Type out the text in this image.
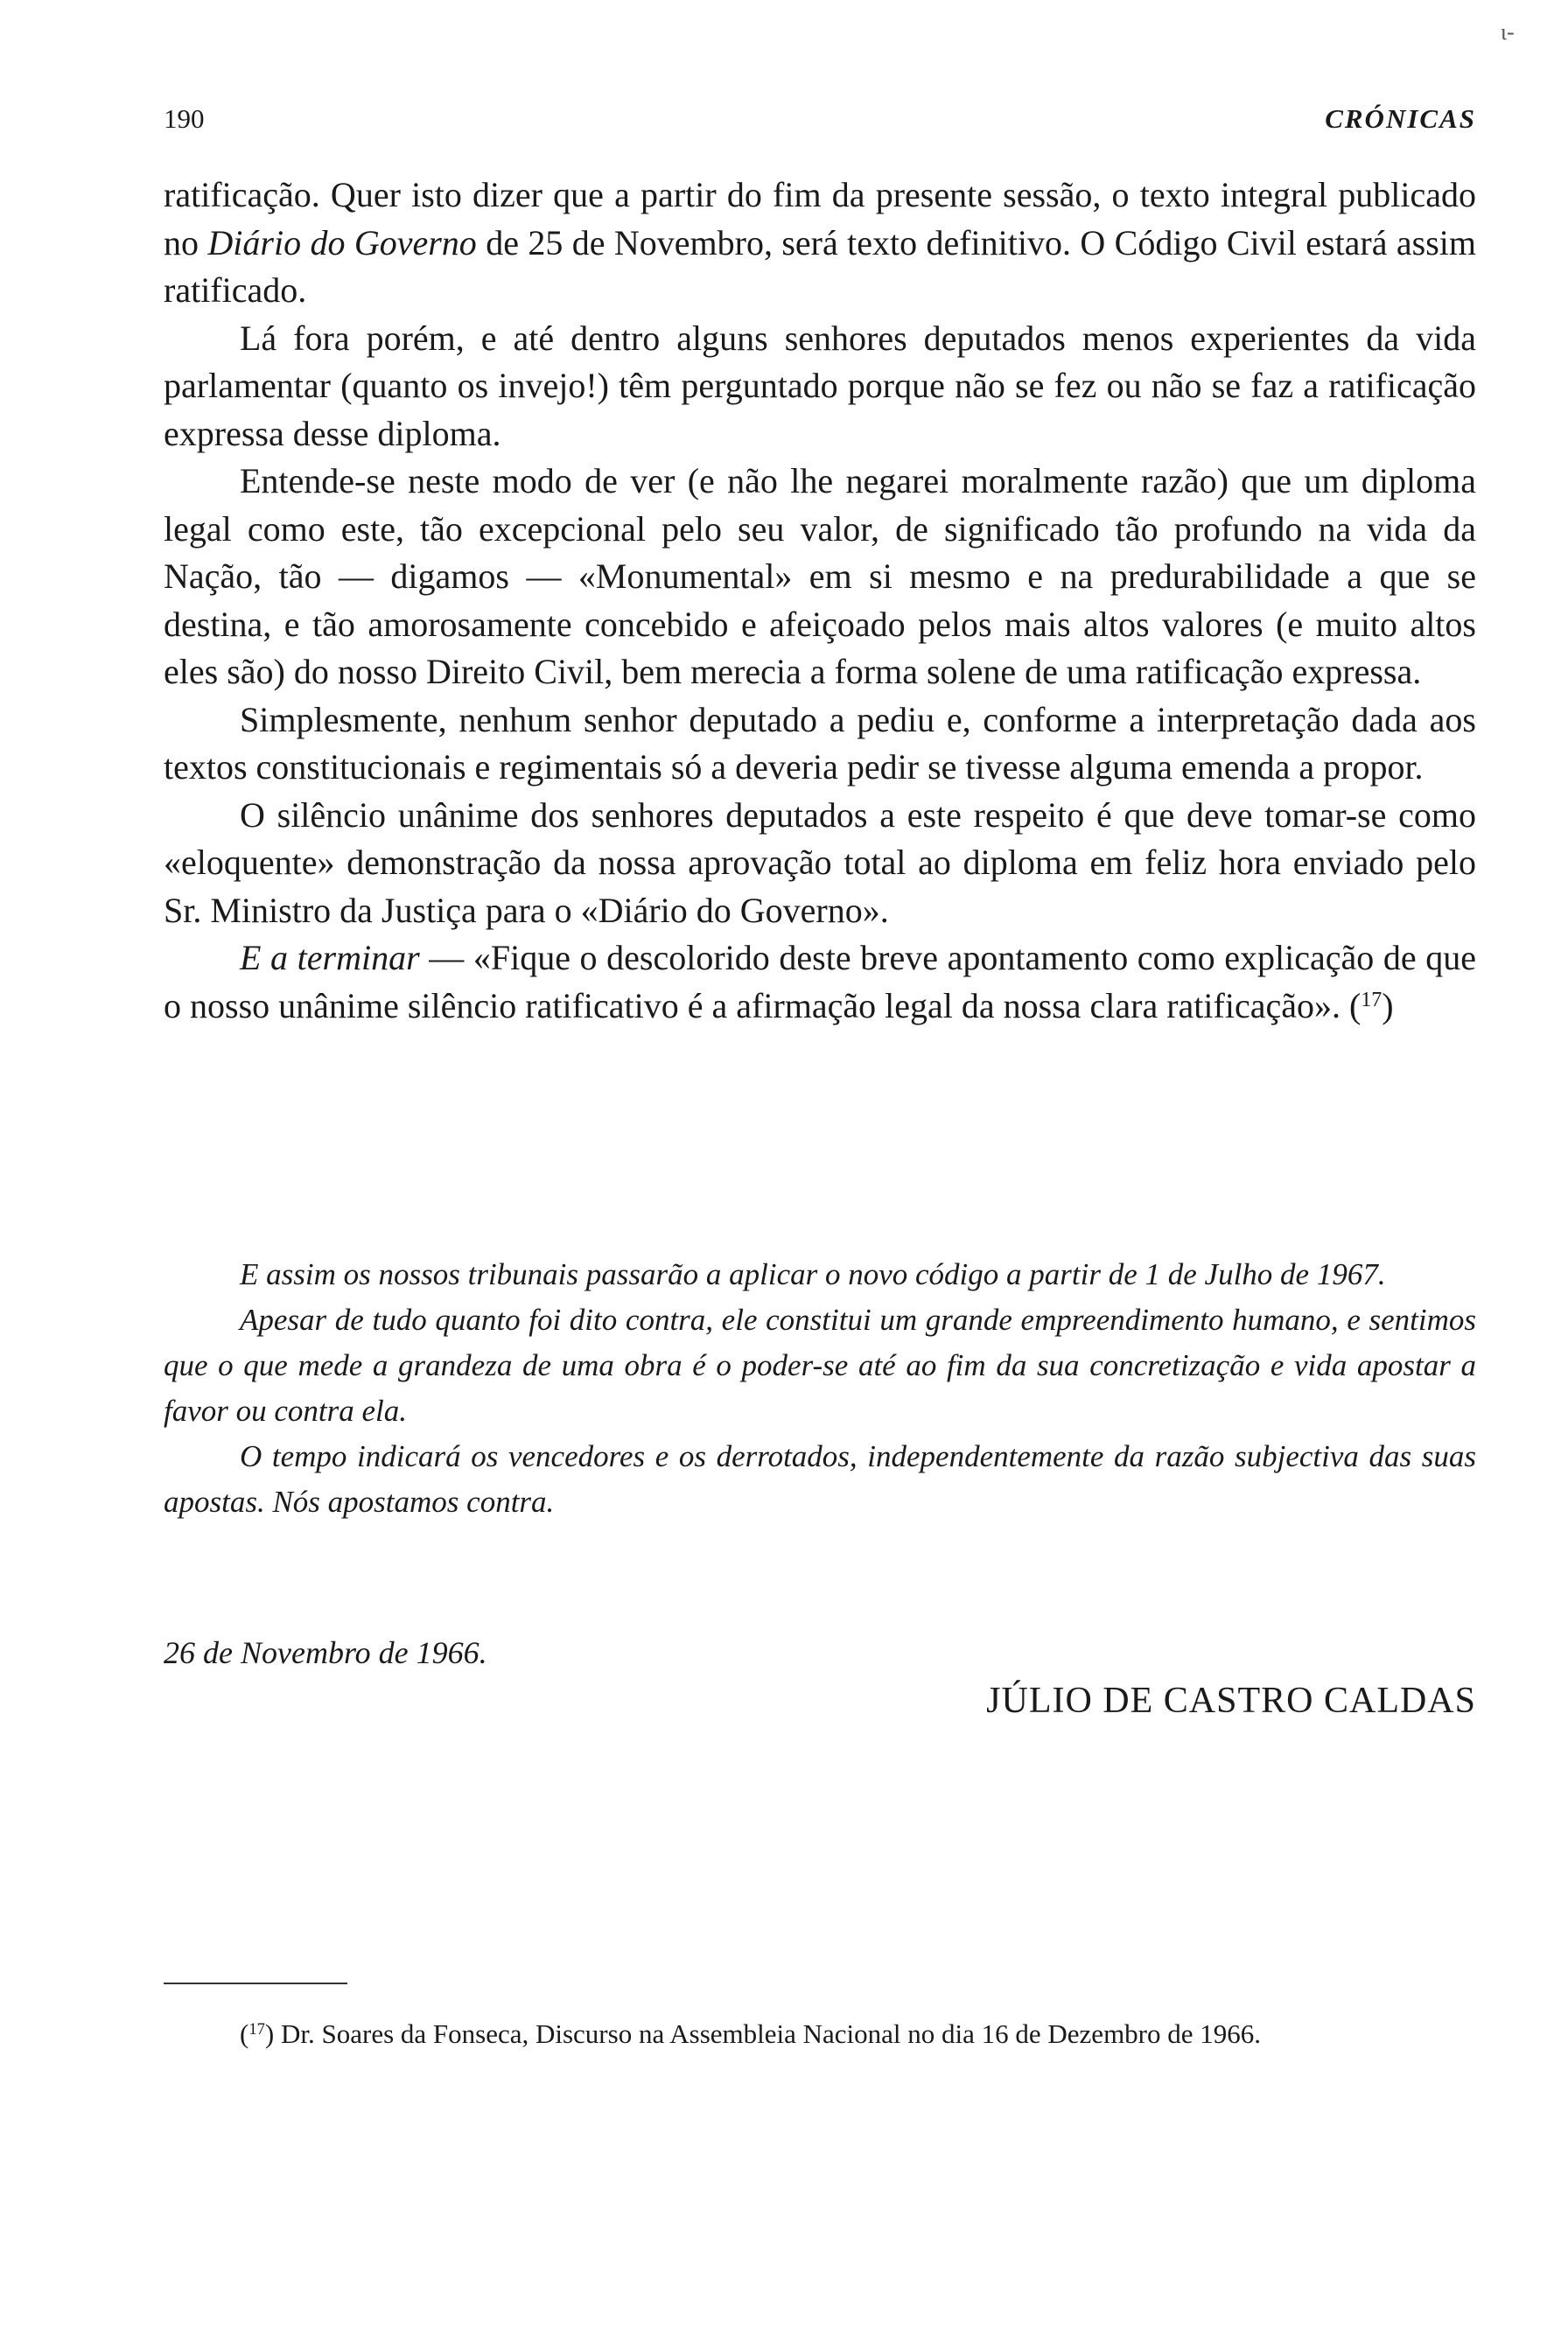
ι-
190	CRÓNICAS

ratificação. Quer isto dizer que a partir do fim da presente sessão, o texto integral publicado no Diário do Governo de 25 de Novembro, será texto definitivo. O Código Civil estará assim ratificado.

Lá fora porém, e até dentro alguns senhores deputados menos experientes da vida parlamentar (quanto os invejo!) têm perguntado porque não se fez ou não se faz a ratificação expressa desse diploma.

Entende-se neste modo de ver (e não lhe negarei moralmente razão) que um diploma legal como este, tão excepcional pelo seu valor, de significado tão profundo na vida da Nação, tão — digamos — «Monumental» em si mesmo e na predurabilidade a que se destina, e tão amorosamente concebido e afeiçoado pelos mais altos valores (e muito altos eles são) do nosso Direito Civil, bem merecia a forma solene de uma ratificação expressa.

Simplesmente, nenhum senhor deputado a pediu e, conforme a interpretação dada aos textos constitucionais e regimentais só a deveria pedir se tivesse alguma emenda a propor.

O silêncio unânime dos senhores deputados a este respeito é que deve tomar-se como «eloquente» demonstração da nossa aprovação total ao diploma em feliz hora enviado pelo Sr. Ministro da Justiça para o «Diário do Governo».

E a terminar — «Fique o descolorido deste breve apontamento como explicação de que o nosso unânime silêncio ratificativo é a afirmação legal da nossa clara ratificação». ($^{17}$)

E assim os nossos tribunais passarão a aplicar o novo código a partir de 1 de Julho de 1967.

Apesar de tudo quanto foi dito contra, ele constitui um grande empreendimento humano, e sentimos que o que mede a grandeza de uma obra é o poder-se até ao fim da sua concretização e vida apostar a favor ou contra ela.

O tempo indicará os vencedores e os derrotados, independentemente da razão subjectiva das suas apostas. Nós apostamos contra.

26 de Novembro de 1966.
JÚLIO DE CASTRO CALDAS

($^{17}$) Dr. Soares da Fonseca, Discurso na Assembleia Nacional no dia 16 de Dezembro de 1966.
